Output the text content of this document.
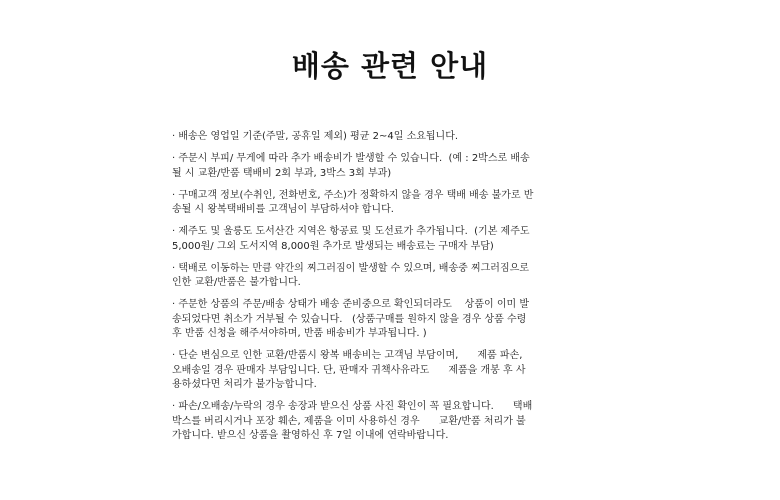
배송 관련 안내
· 배송은 영업일 기준(주말, 공휴일 제외) 평균 2~4일 소요됩니다.
· 주문시 부피/ 무게에 따라 추가 배송비가 발생할 수 있습니다.  (예 : 2박스로 배송
될 시 교환/반품 택배비 2회 부과, 3박스 3회 부과)
· 구매고객 정보(수취인, 전화번호, 주소)가 정확하지 않을 경우 택배 배송 불가로 반
송될 시 왕복택배비를 고객님이 부담하셔야 합니다.
· 제주도 및 울릉도 도서산간 지역은 항공료 및 도선료가 추가됩니다.  (기본 제주도
5,000원/ 그외 도서지역 8,000원 추가로 발생되는 배송료는 구매자 부담)
· 택배로 이동하는 만큼 약간의 찌그러짐이 발생할 수 있으며, 배송중 찌그러짐으로
인한 교환/반품은 불가합니다.
· 주문한 상품의 주문/배송 상태가 배송 준비중으로 확인되더라도    상품이 이미 발
송되었다면 취소가 거부될 수 있습니다.   (상품구매를 원하지 않을 경우 상품 수령
후 반품 신청을 해주셔야하며, 반품 배송비가 부과됩니다. )
· 단순 변심으로 인한 교환/반품시 왕복 배송비는 고객님 부담이며,      제품 파손,
오배송일 경우 판매자 부담입니다. 단, 판매자 귀책사유라도      제품을 개봉 후 사
용하셨다면 처리가 불가능합니다.
· 파손/오배송/누락의 경우 송장과 받으신 상품 사진 확인이 꼭 필요합니다.      택배
박스를 버리시거나 포장 훼손, 제품을 이미 사용하신 경우      교환/반품 처리가 불
가합니다. 받으신 상품을 촬영하신 후 7일 이내에 연락바랍니다.
